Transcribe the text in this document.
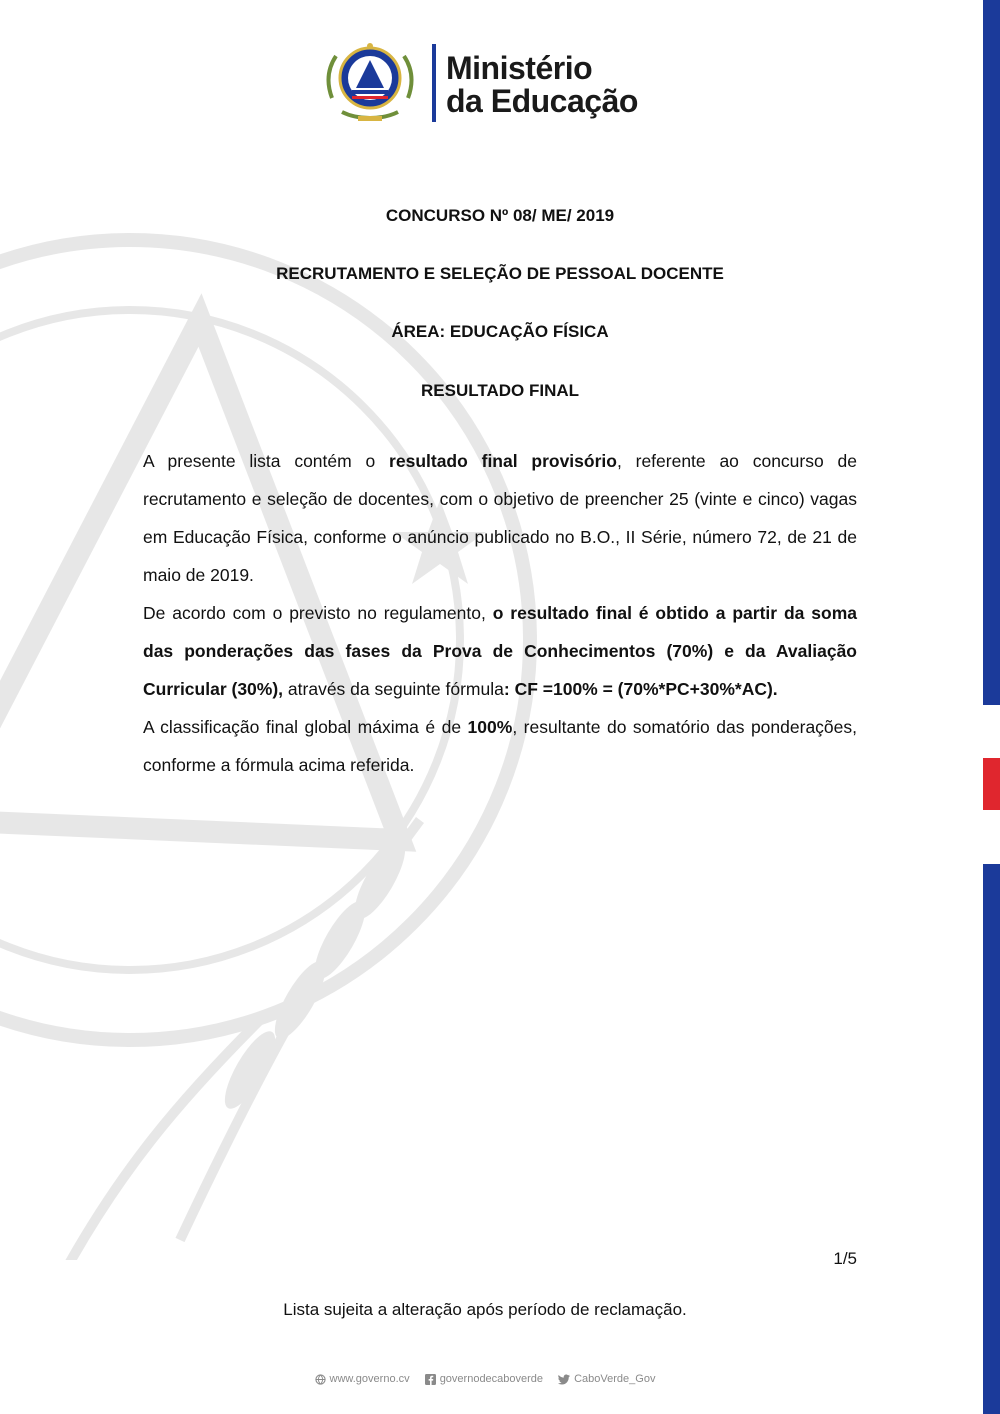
Ministério
da Educação
CONCURSO Nº 08/ ME/ 2019
RECRUTAMENTO E SELEÇÃO DE PESSOAL DOCENTE
ÁREA: EDUCAÇÃO FÍSICA
RESULTADO FINAL

A presente lista contém o resultado final provisório, referente ao concurso de recrutamento e seleção de docentes, com o objetivo de preencher 25 (vinte e cinco) vagas em Educação Física, conforme o anúncio publicado no B.O., II Série, número 72, de 21 de maio de 2019.

De acordo com o previsto no regulamento, o resultado final é obtido a partir da soma das ponderações das fases da Prova de Conhecimentos (70%) e da Avaliação Curricular (30%), através da seguinte fórmula: CF =100% = (70%*PC+30%*AC).

A classificação final global máxima é de 100%, resultante do somatório das ponderações, conforme a fórmula acima referida.

1/5
Lista sujeita a alteração após período de reclamação.
www.governo.cv	governodecaboverde	CaboVerde_Gov
